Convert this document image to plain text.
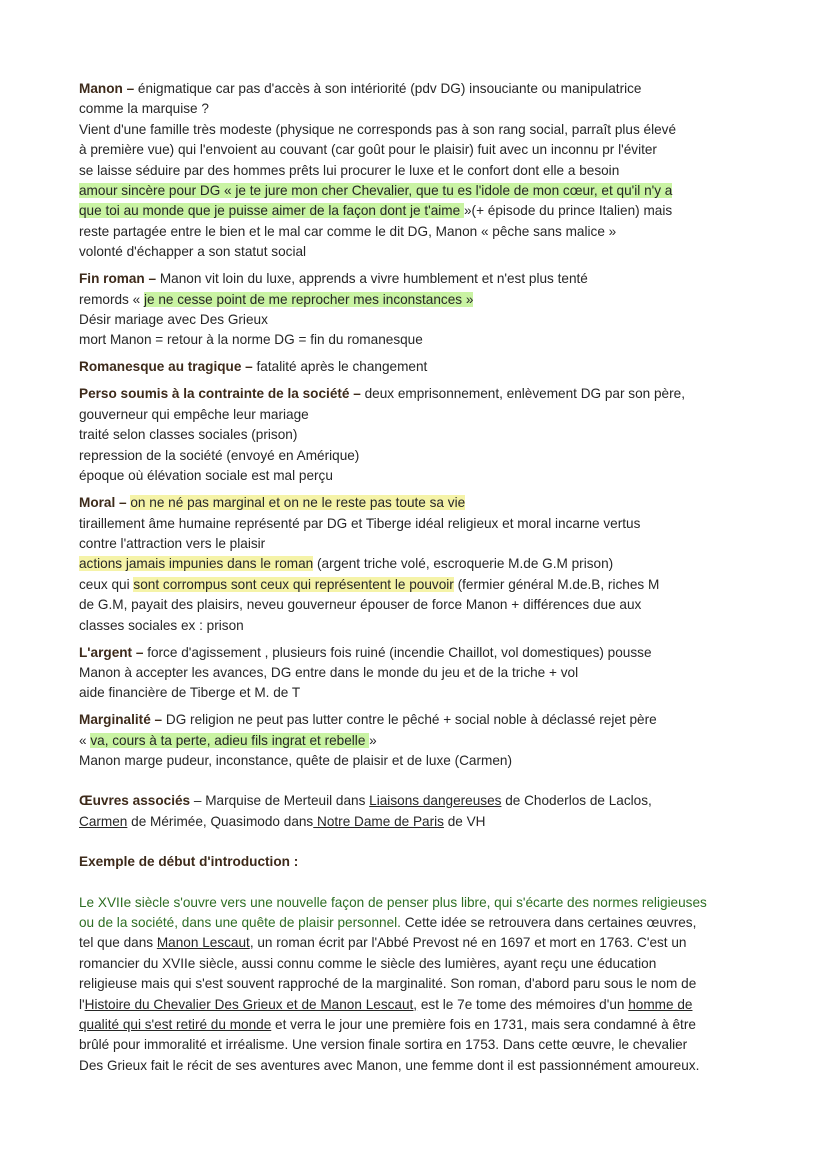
Manon – énigmatique car pas d'accès à son intériorité (pdv DG) insouciante ou manipulatrice
comme la marquise ?
Vient d'une famille très modeste (physique ne corresponds pas à son rang social, parraît plus élevé
à première vue) qui l'envoient au couvant (car goût pour le plaisir) fuit avec un inconnu pr l'éviter
se laisse séduire par des hommes prêts lui procurer le luxe et le confort dont elle a besoin
amour sincère pour DG « je te jure mon cher Chevalier, que tu es l'idole de mon cœur, et qu'il n'y a
que toi au monde que je puisse aimer de la façon dont je t'aime »(+ épisode du prince Italien) mais
reste partagée entre le bien et le mal car comme le dit DG, Manon « pêche sans malice »
volonté d'échapper a son statut social
Fin roman – Manon vit loin du luxe, apprends a vivre humblement et n'est plus tenté
remords « je ne cesse point de me reprocher mes inconstances »
Désir mariage avec Des Grieux
mort Manon = retour à la norme DG = fin du romanesque
Romanesque au tragique – fatalité après le changement
Perso soumis à la contrainte de la société – deux emprisonnement, enlèvement DG par son père,
gouverneur qui empêche leur mariage
traité selon classes sociales (prison)
repression de la société (envoyé en Amérique)
époque où élévation sociale est mal perçu
Moral – on ne né pas marginal et on ne le reste pas toute sa vie
tiraillement âme humaine représenté par DG et Tiberge idéal religieux et moral incarne vertus
contre l'attraction vers le plaisir
actions jamais impunies dans le roman (argent triche volé, escroquerie M.de G.M prison)
ceux qui sont corrompus sont ceux qui représentent le pouvoir (fermier général M.de.B, riches M
de G.M, payait des plaisirs, neveu gouverneur épouser de force Manon + différences due aux
classes sociales ex : prison
L'argent – force d'agissement , plusieurs fois ruiné (incendie Chaillot, vol domestiques) pousse
Manon à accepter les avances, DG entre dans le monde du jeu et de la triche + vol
aide financière de Tiberge et M. de T
Marginalité – DG religion ne peut pas lutter contre le pêché + social noble à déclassé rejet père
« va, cours à ta perte, adieu fils ingrat et rebelle »
Manon marge pudeur, inconstance, quête de plaisir et de luxe (Carmen)
Œuvres associés – Marquise de Merteuil dans Liaisons dangereuses de Choderlos de Laclos,
Carmen de Mérimée, Quasimodo dans Notre Dame de Paris de VH
Exemple de début d'introduction :
Le XVIIe siècle s'ouvre vers une nouvelle façon de penser plus libre, qui s'écarte des normes religieuses
ou de la société, dans une quête de plaisir personnel. Cette idée se retrouvera dans certaines œuvres,
tel que dans Manon Lescaut, un roman écrit par l'Abbé Prevost né en 1697 et mort en 1763. C'est un
romancier du XVIIe siècle, aussi connu comme le siècle des lumières, ayant reçu une éducation
religieuse mais qui s'est souvent rapproché de la marginalité. Son roman, d'abord paru sous le nom de
l'Histoire du Chevalier Des Grieux et de Manon Lescaut, est le 7e tome des mémoires d'un homme de
qualité qui s'est retiré du monde et verra le jour une première fois en 1731, mais sera condamné à être
brûlé pour immoralité et irréalisme. Une version finale sortira en 1753. Dans cette œuvre, le chevalier
Des Grieux fait le récit de ses aventures avec Manon, une femme dont il est passionnément amoureux.
